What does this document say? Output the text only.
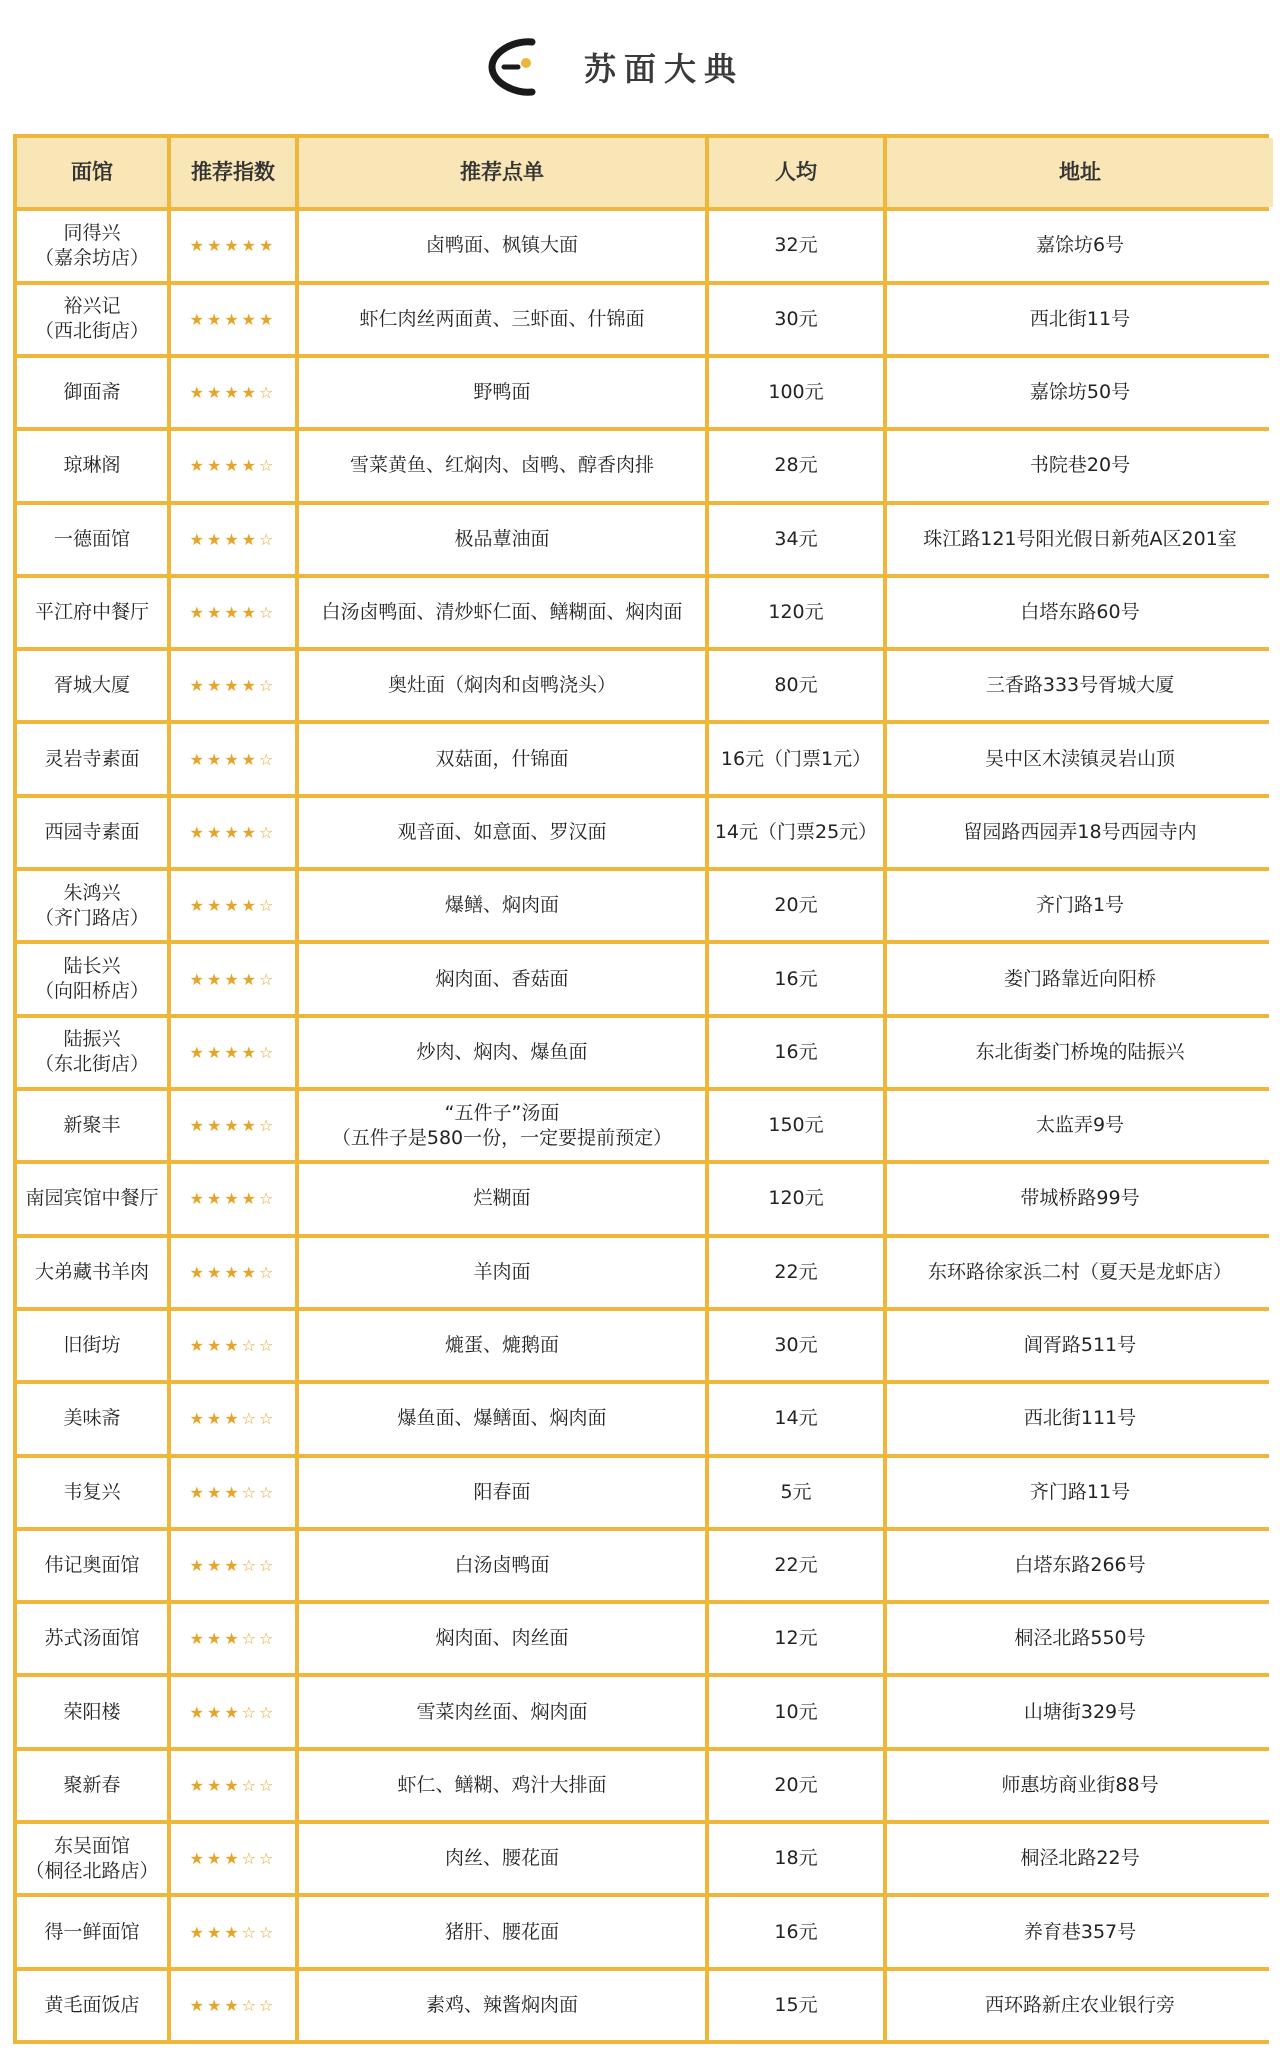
苏面大典
面馆	推荐指数	推荐点单	人均	地址
同得兴
（嘉余坊店）
★★★★★	卤鸭面、枫镇大面	32元	嘉馀坊6号
裕兴记
（西北街店）
★★★★★	虾仁肉丝两面黄、三虾面、什锦面	30元	西北街11号
御面斋	★★★★☆	野鸭面	100元	嘉馀坊50号
琼琳阁	★★★★☆	雪菜黄鱼、红焖肉、卤鸭、醇香肉排	28元	书院巷20号
一德面馆	★★★★☆	极品蕈油面	34元	珠江路121号阳光假日新苑A区201室
平江府中餐厅	★★★★☆	白汤卤鸭面、清炒虾仁面、鳝糊面、焖肉面	120元	白塔东路60号
胥城大厦	★★★★☆	奥灶面（焖肉和卤鸭浇头）	80元	三香路333号胥城大厦
灵岩寺素面	★★★★☆	双菇面，什锦面	16元（门票1元）	吴中区木渎镇灵岩山顶
西园寺素面	★★★★☆	观音面、如意面、罗汉面	14元（门票25元）	留园路西园弄18号西园寺内
朱鸿兴
（齐门路店）
★★★★☆	爆鳝、焖肉面	20元	齐门路1号
陆长兴
（向阳桥店）
★★★★☆	焖肉面、香菇面	16元	娄门路靠近向阳桥
陆振兴
（东北街店）
★★★★☆	炒肉、焖肉、爆鱼面	16元	东北街娄门桥堍的陆振兴
新聚丰	★★★★☆
“五件子”汤面
（五件子是580一份，一定要提前预定）
150元	太监弄9号
南园宾馆中餐厅	★★★★☆	烂糊面	120元	带城桥路99号
大弟藏书羊肉	★★★★☆	羊肉面	22元	东环路徐家浜二村（夏天是龙虾店）
旧街坊	★★★☆☆	熝蛋、熝鹅面	30元	阊胥路511号
美味斋	★★★☆☆	爆鱼面、爆鳝面、焖肉面	14元	西北街111号
韦复兴	★★★☆☆	阳春面	5元	齐门路11号
伟记奥面馆	★★★☆☆	白汤卤鸭面	22元	白塔东路266号
苏式汤面馆	★★★☆☆	焖肉面、肉丝面	12元	桐泾北路550号
荣阳楼	★★★☆☆	雪菜肉丝面、焖肉面	10元	山塘街329号
聚新春	★★★☆☆	虾仁、鳝糊、鸡汁大排面	20元	师惠坊商业街88号
东吴面馆
（桐径北路店）
★★★☆☆	肉丝、腰花面	18元	桐泾北路22号
得一鲜面馆	★★★☆☆	猪肝、腰花面	16元	养育巷357号
黄毛面饭店	★★★☆☆	素鸡、辣酱焖肉面	15元	西环路新庄农业银行旁
